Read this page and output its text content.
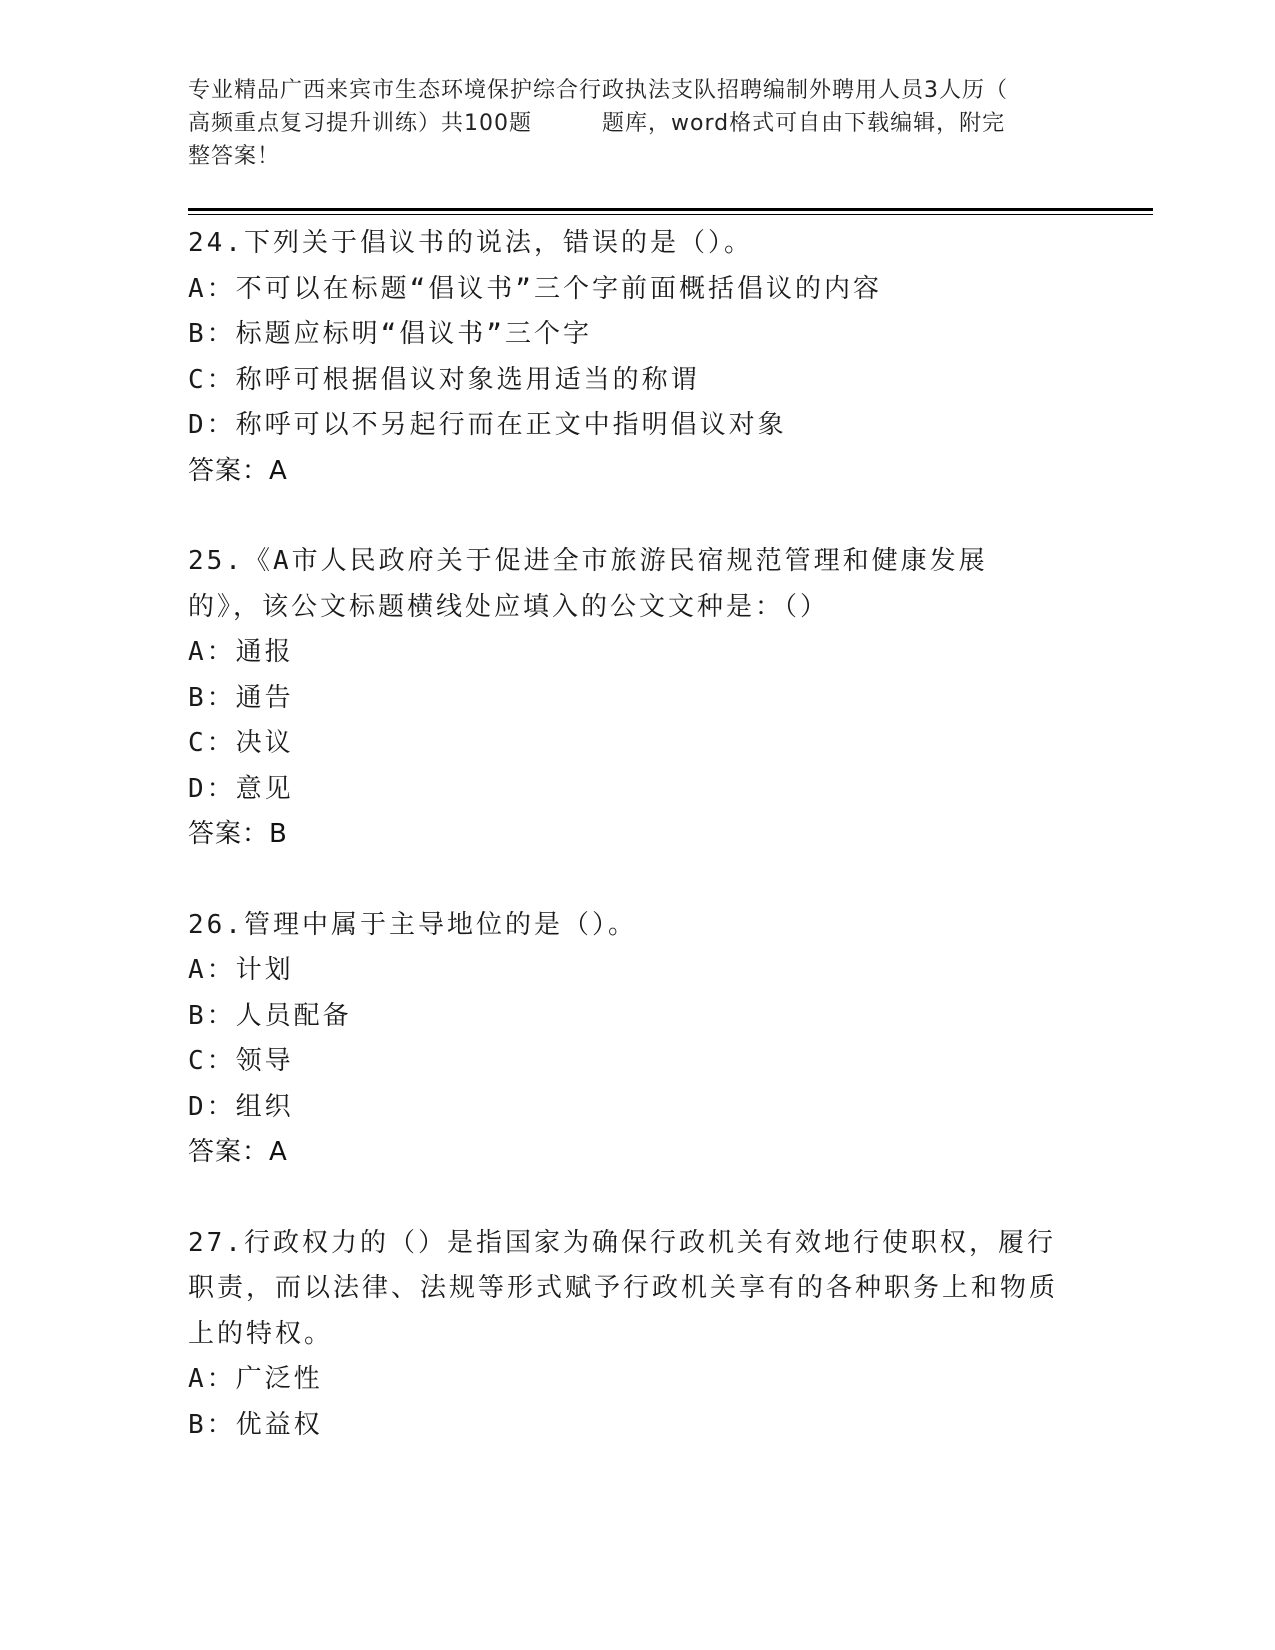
专业精品广西来宾市生态环境保护综合行政执法支队招聘编制外聘用人员3人历（
高频重点复习提升训练）共100题	题库，word格式可自由下载编辑，附完
整答案！
24.下列关于倡议书的说法，错误的是（）。
A：不可以在标题“倡议书”三个字前面概括倡议的内容
B：标题应标明“倡议书”三个字
C：称呼可根据倡议对象选用适当的称谓
D：称呼可以不另起行而在正文中指明倡议对象
答案：A
25.《A市人民政府关于促进全市旅游民宿规范管理和健康发展的》，该公文标题横线处应填入的公文文种是：（）
A：通报
B：通告
C：决议
D：意见
答案：B
26.管理中属于主导地位的是（）。
A：计划
B：人员配备
C：领导
D：组织
答案：A
27.行政权力的（）是指国家为确保行政机关有效地行使职权，履行职责，而以法律、法规等形式赋予行政机关享有的各种职务上和物质上的特权。
A：广泛性
B：优益权
